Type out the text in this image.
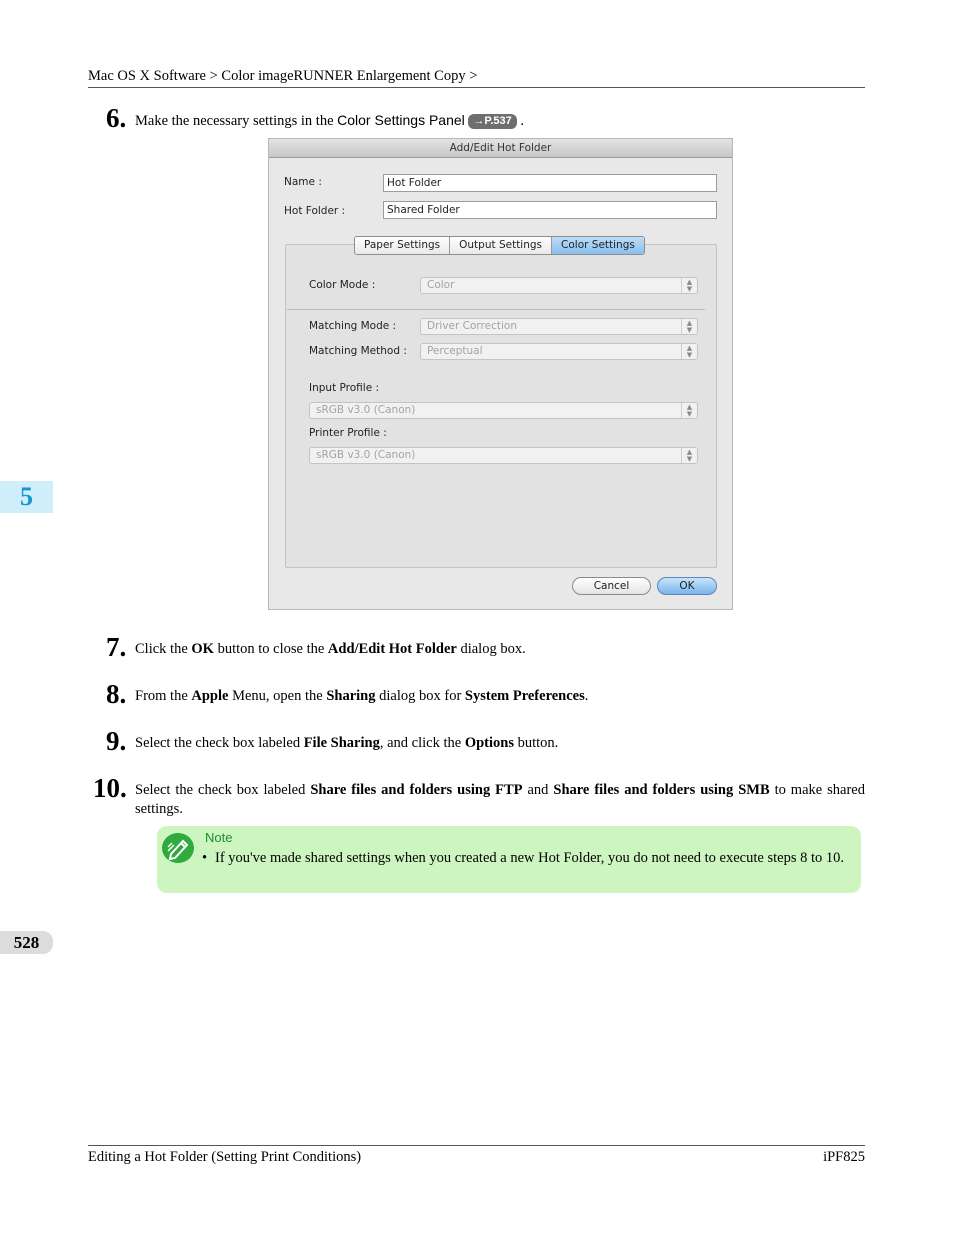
Mac OS X Software > Color imageRUNNER Enlargement Copy >
6. Make the necessary settings in the Color Settings Panel →P.537 .
Add/Edit Hot Folder
Name :	Hot Folder
Hot Folder :	Shared Folder
Paper Settings	Output Settings	Color Settings
Color Mode :	Color	▲
▼
Matching Mode :	Driver Correction	▲
▼
Matching Method :	Perceptual	▲
▼
Input Profile :
sRGB v3.0 (Canon)	▲
▼
Printer Profile :
sRGB v3.0 (Canon)	▲
▼
Cancel	OK
7. Click the OK button to close the Add/Edit Hot Folder dialog box.
8. From the Apple Menu, open the Sharing dialog box for System Preferences.
9. Select the check box labeled File Sharing, and click the Options button.
10. Select the check box labeled Share files and folders using FTP and Share files and folders using SMB to make shared settings.
Note
• If you've made shared settings when you created a new Hot Folder, you do not need to execute steps 8 to 10.
5
528
Editing a Hot Folder (Setting Print Conditions)	iPF825
